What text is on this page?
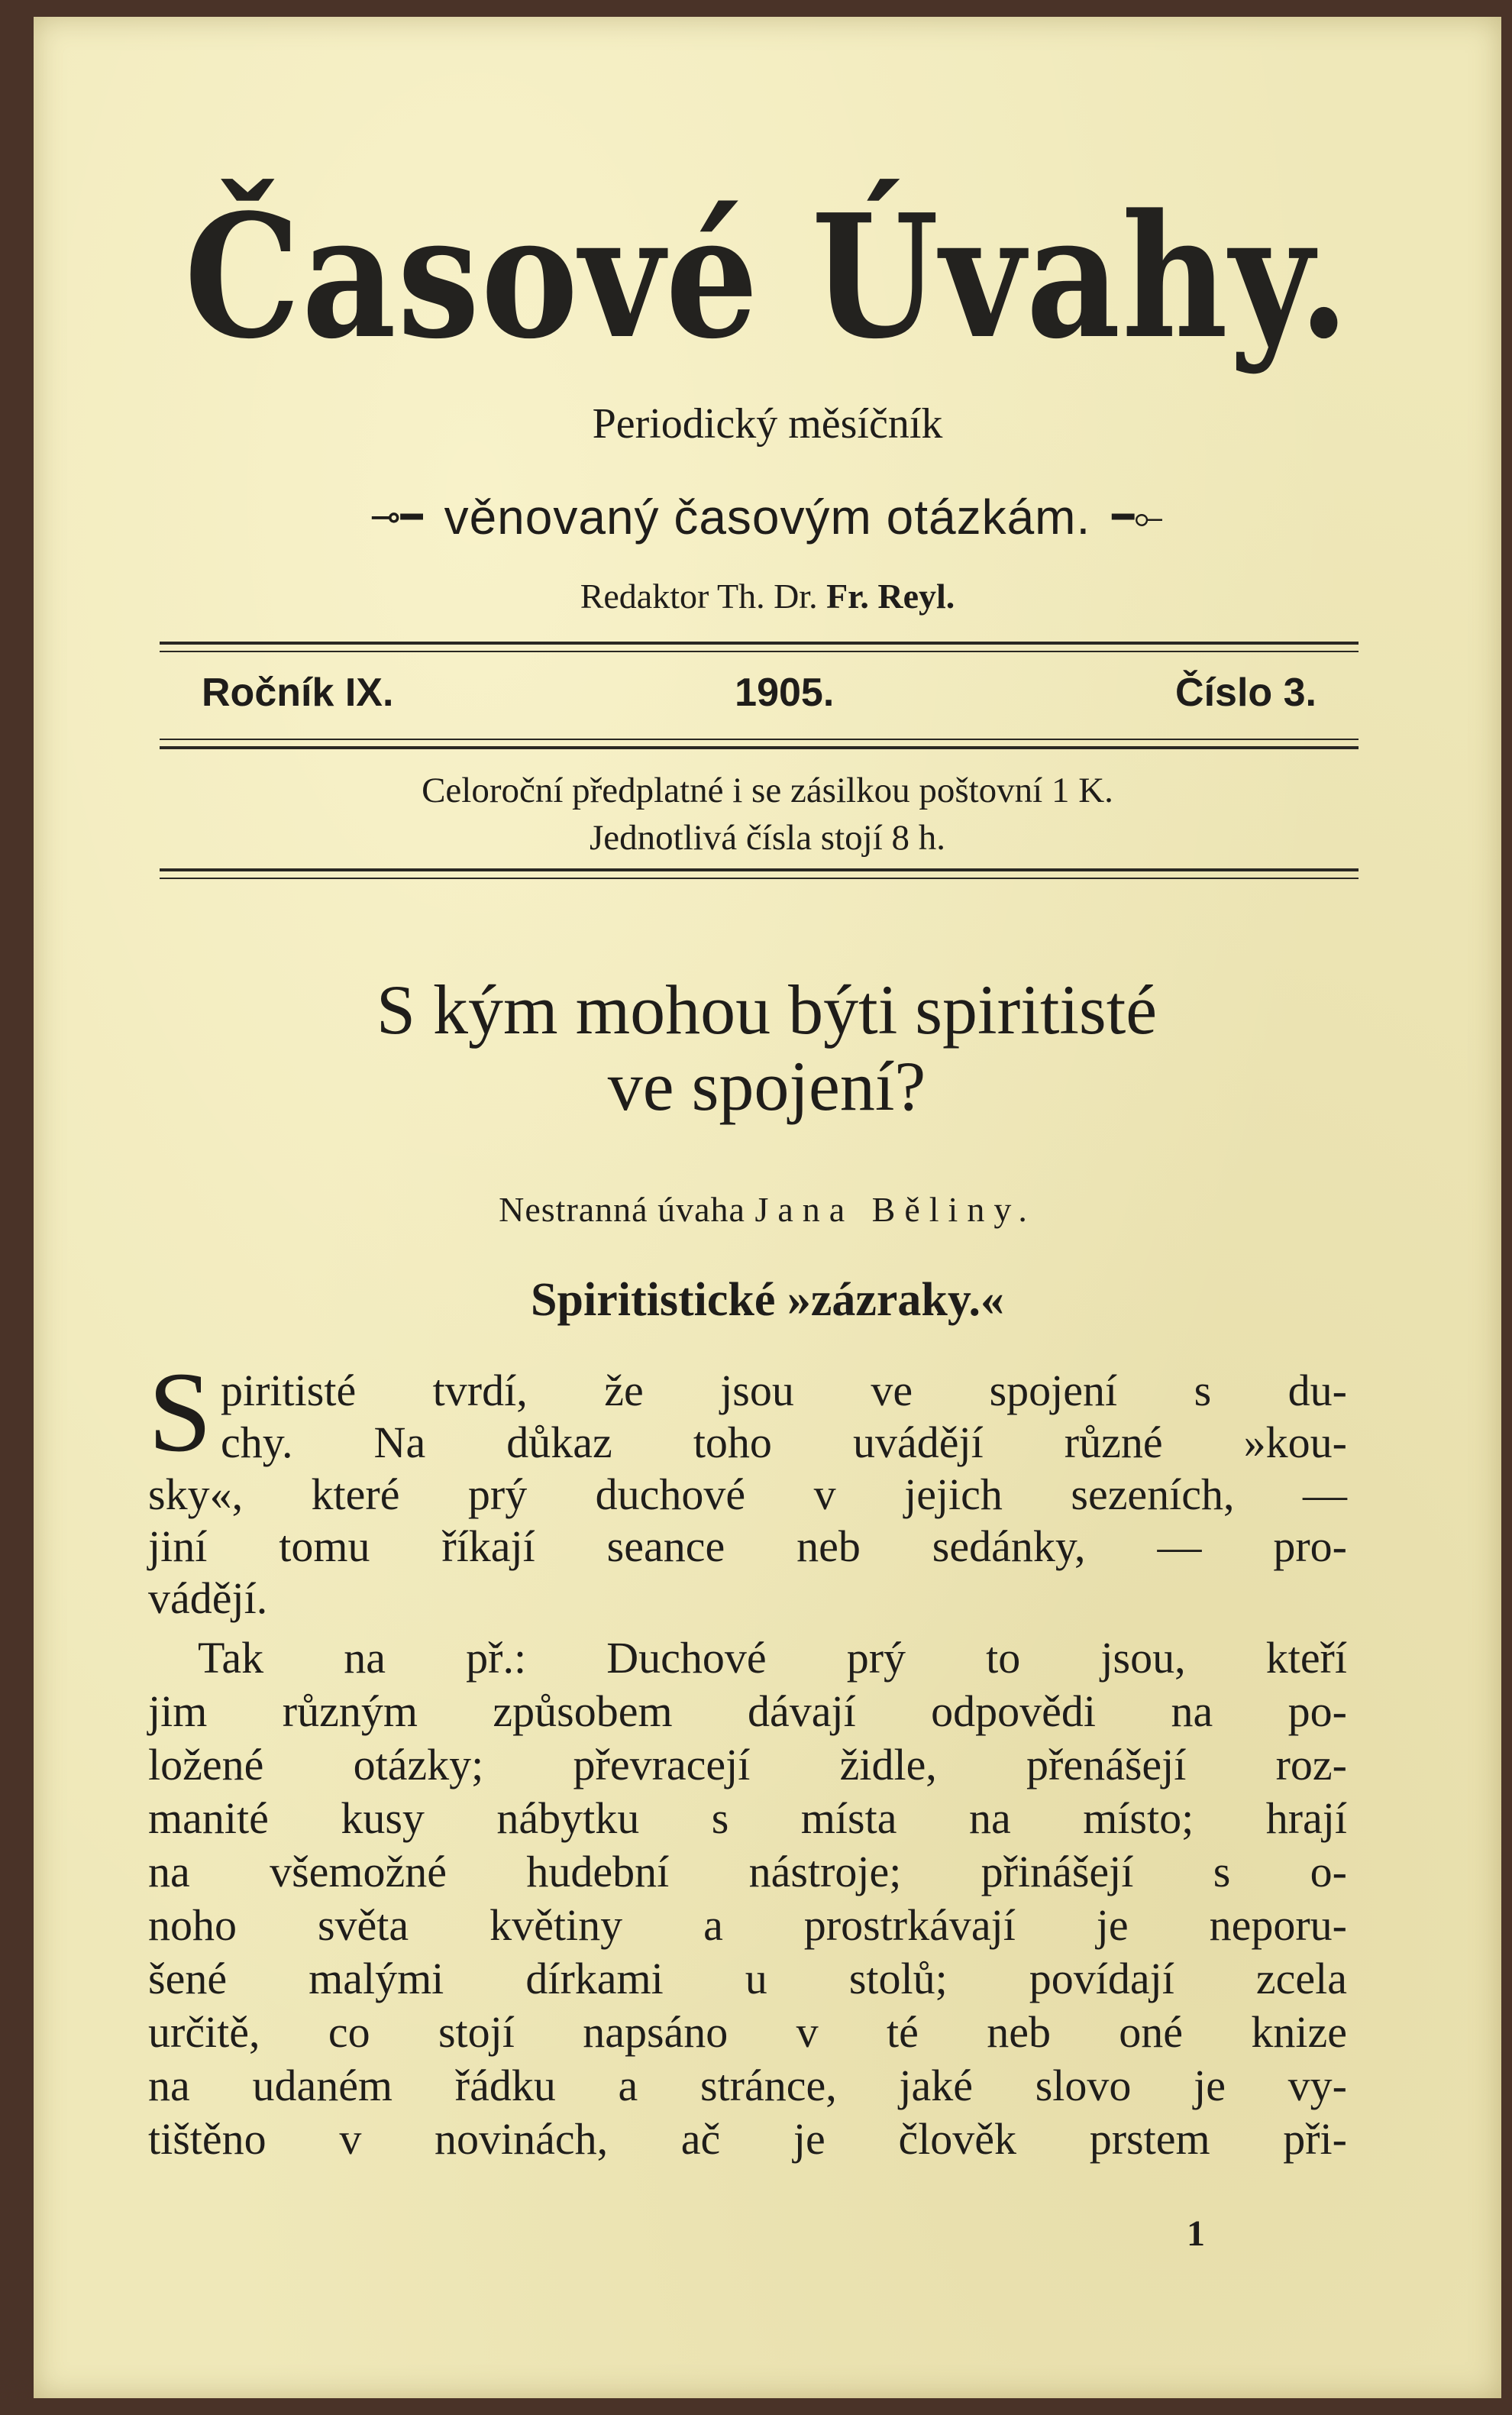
Časové Úvahy.
Periodický měsíčník
⊸━ věnovaný časovým otázkám. ━⟜
Redaktor Th. Dr. Fr. Reyl.
Ročník IX.	1905.	Číslo 3.
Celoroční předplatné i se zásilkou poštovní 1 K.
Jednotlivá čísla stojí 8 h.
S kým mohou býti spiritisté
ve spojení?
Nestranná úvaha Jana Běliny.
Spiritistické »zázraky.«
S piritisté tvrdí, že jsou ve spojení s du-
chy. Na důkaz toho uvádějí různé »kou-
sky«, které prý duchové v jejich sezeních, —
jiní tomu říkají seance neb sedánky, — pro-
vádějí.
Tak na př.: Duchové prý to jsou, kteří
jim různým způsobem dávají odpovědi na po-
ložené otázky; převracejí židle, přenášejí roz-
manité kusy nábytku s místa na místo; hrají
na všemožné hudební nástroje; přinášejí s o-
noho světa květiny a prostrkávají je neporu-
šené malými dírkami u stolů; povídají zcela
určitě, co stojí napsáno v té neb oné knize
na udaném řádku a stránce, jaké slovo je vy-
tištěno v novinách, ač je člověk prstem při-
1
